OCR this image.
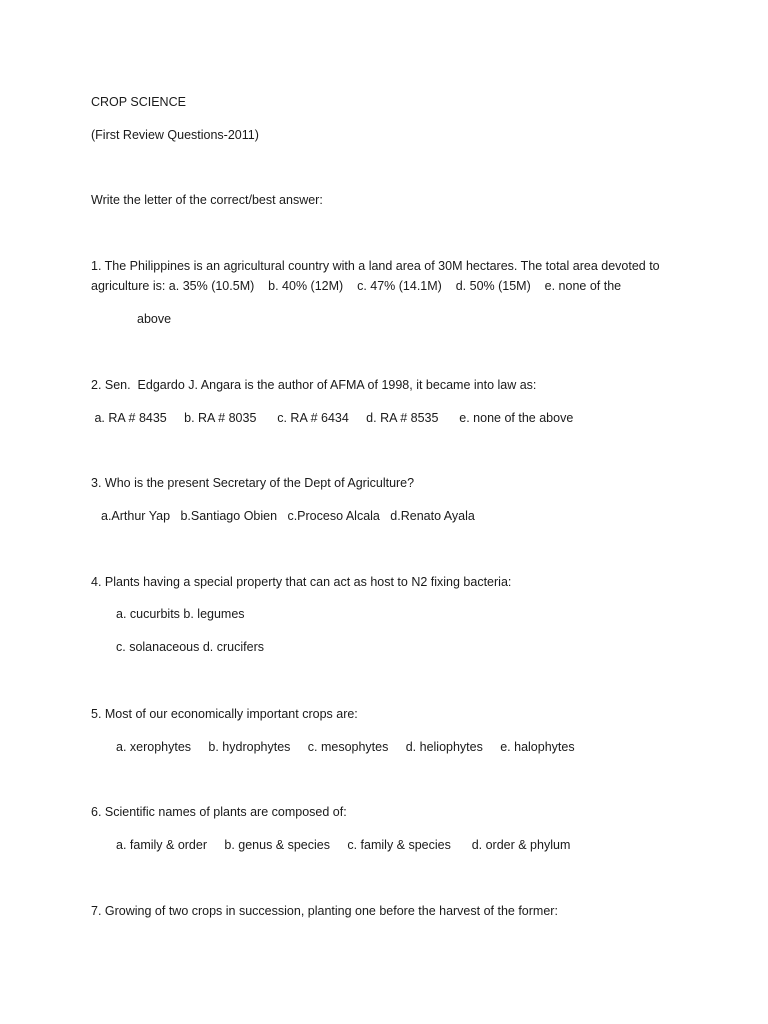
CROP SCIENCE

(First Review Questions-2011)

Write the letter of the correct/best answer:

1. The Philippines is an agricultural country with a land area of 30M hectares. The total area devoted to

agriculture is: a. 35% (10.5M)    b. 40% (12M)    c. 47% (14.1M)    d. 50% (15M)    e. none of the

above

2. Sen.  Edgardo J. Angara is the author of AFMA of 1998, it became into law as:

a. RA # 8435     b. RA # 8035      c. RA # 6434     d. RA # 8535      e. none of the above

3. Who is the present Secretary of the Dept of Agriculture?

a.Arthur Yap   b.Santiago Obien   c.Proceso Alcala   d.Renato Ayala

4. Plants having a special property that can act as host to N2 fixing bacteria:

a. cucurbits b. legumes

c. solanaceous d. crucifers

5. Most of our economically important crops are:

a. xerophytes     b. hydrophytes     c. mesophytes     d. heliophytes     e. halophytes

6. Scientific names of plants are composed of:

a. family & order     b. genus & species     c. family & species      d. order & phylum

7. Growing of two crops in succession, planting one before the harvest of the former:
